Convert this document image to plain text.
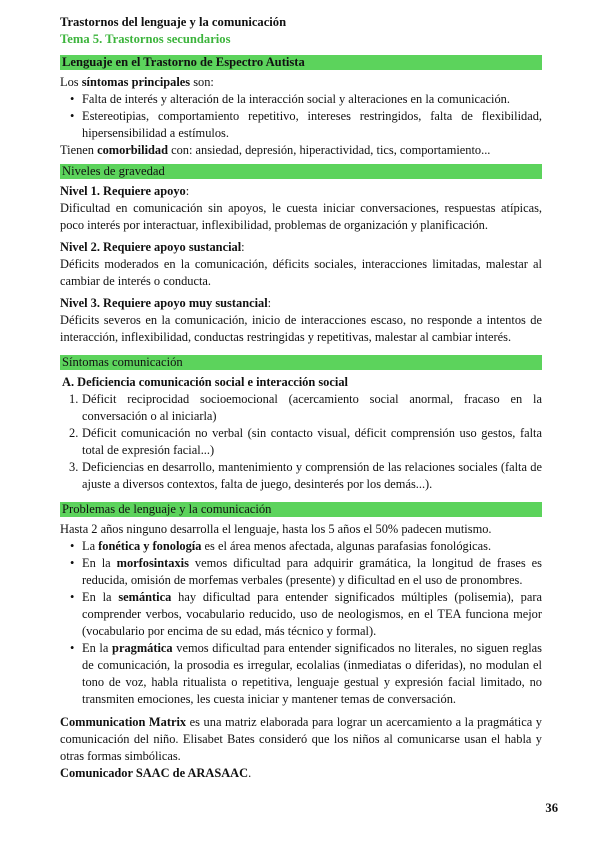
Trastornos del lenguaje y la comunicación
Tema 5. Trastornos secundarios
Lenguaje en el Trastorno de Espectro Autista

Los síntomas principales son:

• Falta de interés y alteración de la interacción social y alteraciones en la comunicación.
• Estereotipias, comportamiento repetitivo, intereses restringidos, falta de flexibilidad, hipersensibilidad a estímulos.

Tienen comorbilidad con: ansiedad, depresión, hiperactividad, tics, comportamiento...

Niveles de gravedad
Nivel 1. Requiere apoyo:

Dificultad en comunicación sin apoyos, le cuesta iniciar conversaciones, respuestas atípicas, poco interés por interactuar, inflexibilidad, problemas de organización y planificación.

Nivel 2. Requiere apoyo sustancial:

Déficits moderados en la comunicación, déficits sociales, interacciones limitadas, malestar al cambiar de interés o conducta.

Nivel 3. Requiere apoyo muy sustancial:

Déficits severos en la comunicación, inicio de interacciones escaso, no responde a intentos de interacción, inflexibilidad, conductas restringidas y repetitivas, malestar al cambiar interés.

Síntomas comunicación
A. Deficiencia comunicación social e interacción social
1. Déficit reciprocidad socioemocional (acercamiento social anormal, fracaso en la conversación o al iniciarla)
2. Déficit comunicación no verbal (sin contacto visual, déficit comprensión uso gestos, falta total de expresión facial...)
3. Deficiencias en desarrollo, mantenimiento y comprensión de las relaciones sociales (falta de ajuste a diversos contextos, falta de juego, desinterés por los demás...).
Problemas de lenguaje y la comunicación

Hasta 2 años ninguno desarrolla el lenguaje, hasta los 5 años el 50% padecen mutismo.

• La fonética y fonología es el área menos afectada, algunas parafasias fonológicas.
• En la morfosintaxis vemos dificultad para adquirir gramática, la longitud de frases es reducida, omisión de morfemas verbales (presente) y dificultad en el uso de pronombres.
• En la semántica hay dificultad para entender significados múltiples (polisemia), para comprender verbos, vocabulario reducido, uso de neologismos, en el TEA funciona mejor (vocabulario por encima de su edad, más técnico y formal).
• En la pragmática vemos dificultad para entender significados no literales, no siguen reglas de comunicación, la prosodia es irregular, ecolalias (inmediatas o diferidas), no modulan el tono de voz, habla ritualista o repetitiva, lenguaje gestual y expresión facial limitado, no transmiten emociones, les cuesta iniciar y mantener temas de conversación.

Communication Matrix es una matriz elaborada para lograr un acercamiento a la pragmática y comunicación del niño. Elisabet Bates consideró que los niños al comunicarse usan el habla y otras formas simbólicas.

Comunicador SAAC de ARASAAC.

36
